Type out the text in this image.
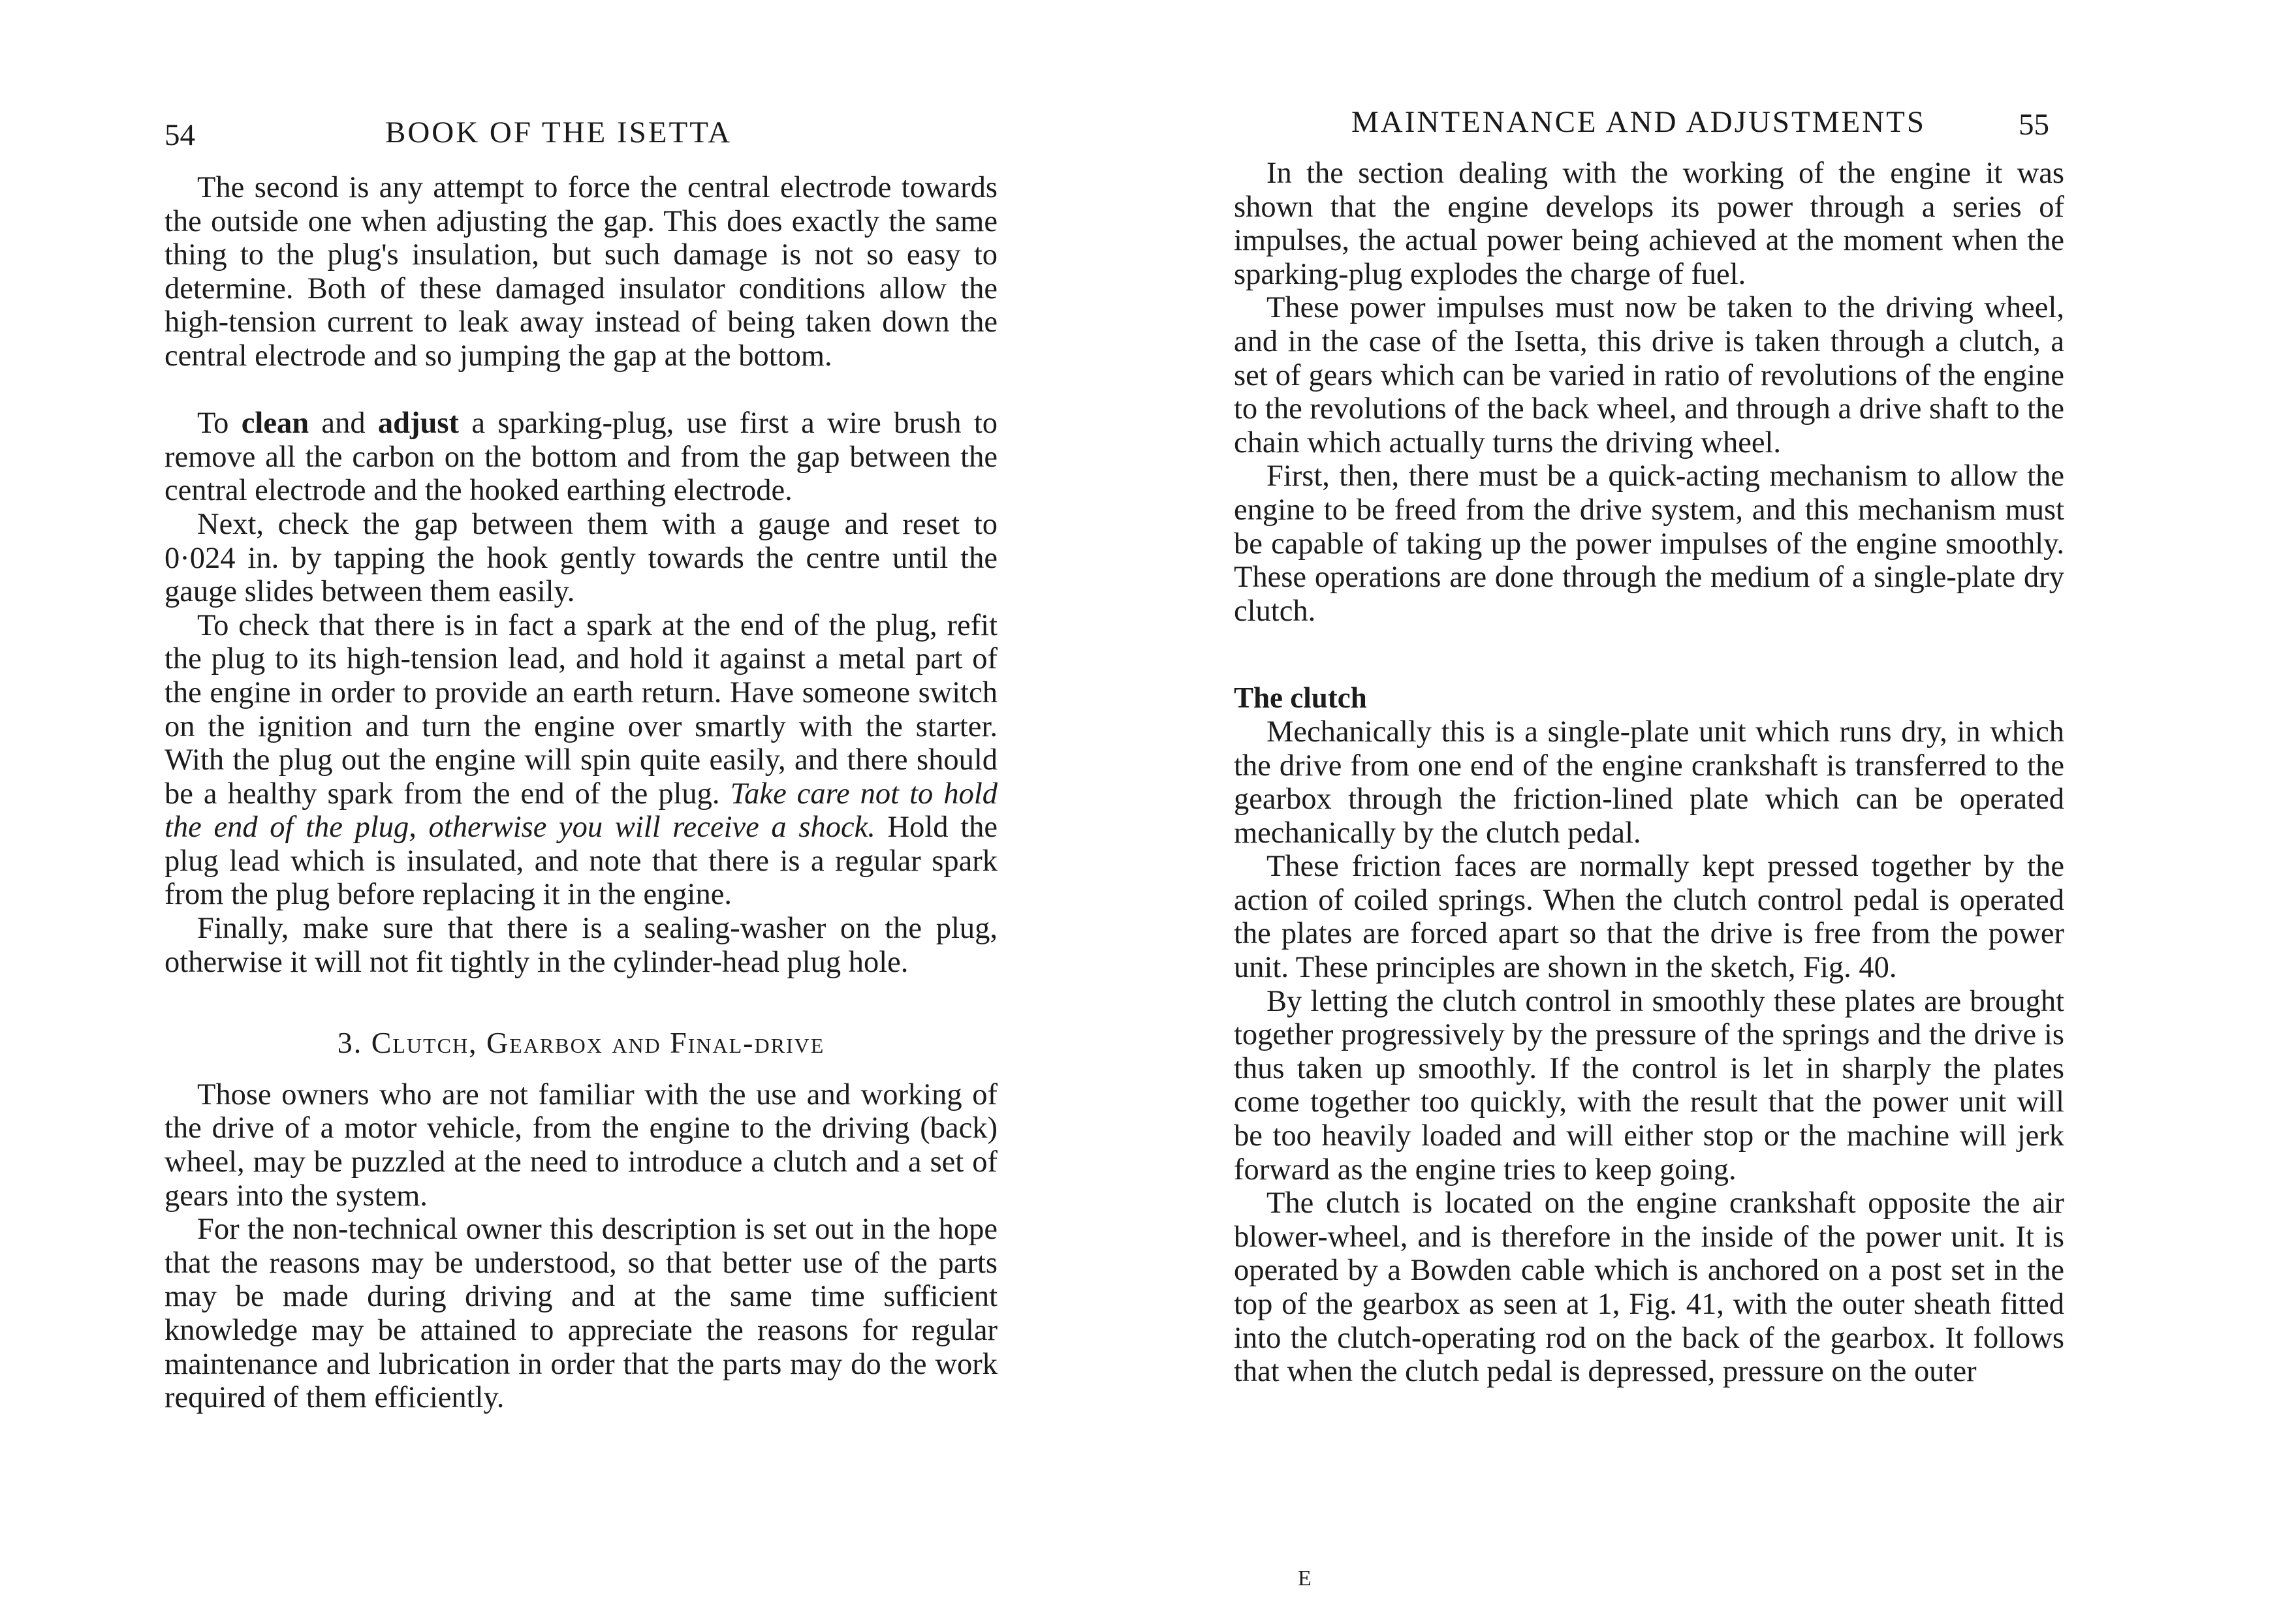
54	BOOK OF THE ISETTA

The second is any attempt to force the central electrode towards the outside one when adjusting the gap. This does exactly the same thing to the plug's insulation, but such damage is not so easy to determine. Both of these damaged insulator conditions allow the high-tension current to leak away instead of being taken down the central electrode and so jumping the gap at the bottom.

To clean and adjust a sparking-plug, use first a wire brush to remove all the carbon on the bottom and from the gap between the central electrode and the hooked earthing electrode.

Next, check the gap between them with a gauge and reset to 0·024 in. by tapping the hook gently towards the centre until the gauge slides between them easily.

To check that there is in fact a spark at the end of the plug, refit the plug to its high-tension lead, and hold it against a metal part of the engine in order to provide an earth return. Have someone switch on the ignition and turn the engine over smartly with the starter. With the plug out the engine will spin quite easily, and there should be a healthy spark from the end of the plug. Take care not to hold the end of the plug, otherwise you will receive a shock. Hold the plug lead which is insulated, and note that there is a regular spark from the plug before replacing it in the engine.

Finally, make sure that there is a sealing-washer on the plug, otherwise it will not fit tightly in the cylinder-head plug hole.

3. Clutch, Gearbox and Final-drive

Those owners who are not familiar with the use and working of the drive of a motor vehicle, from the engine to the driving (back) wheel, may be puzzled at the need to introduce a clutch and a set of gears into the system.

For the non-technical owner this description is set out in the hope that the reasons may be understood, so that better use of the parts may be made during driving and at the same time sufficient knowledge may be attained to appreciate the reasons for regular maintenance and lubrication in order that the parts may do the work required of them efficiently.

MAINTENANCE AND ADJUSTMENTS	55

In the section dealing with the working of the engine it was shown that the engine develops its power through a series of impulses, the actual power being achieved at the moment when the sparking-plug explodes the charge of fuel.

These power impulses must now be taken to the driving wheel, and in the case of the Isetta, this drive is taken through a clutch, a set of gears which can be varied in ratio of revolutions of the engine to the revolutions of the back wheel, and through a drive shaft to the chain which actually turns the driving wheel.

First, then, there must be a quick-acting mechanism to allow the engine to be freed from the drive system, and this mechanism must be capable of taking up the power impulses of the engine smoothly. These operations are done through the medium of a single-plate dry clutch.

The clutch

Mechanically this is a single-plate unit which runs dry, in which the drive from one end of the engine crankshaft is transferred to the gearbox through the friction-lined plate which can be operated mechanically by the clutch pedal.

These friction faces are normally kept pressed together by the action of coiled springs. When the clutch control pedal is operated the plates are forced apart so that the drive is free from the power unit. These principles are shown in the sketch, Fig. 40.

By letting the clutch control in smoothly these plates are brought together progressively by the pressure of the springs and the drive is thus taken up smoothly. If the control is let in sharply the plates come together too quickly, with the result that the power unit will be too heavily loaded and will either stop or the machine will jerk forward as the engine tries to keep going.

The clutch is located on the engine crankshaft opposite the air blower-wheel, and is therefore in the inside of the power unit. It is operated by a Bowden cable which is anchored on a post set in the top of the gearbox as seen at 1, Fig. 41, with the outer sheath fitted into the clutch-operating rod on the back of the gearbox. It follows that when the clutch pedal is depressed, pressure on the outer

E
